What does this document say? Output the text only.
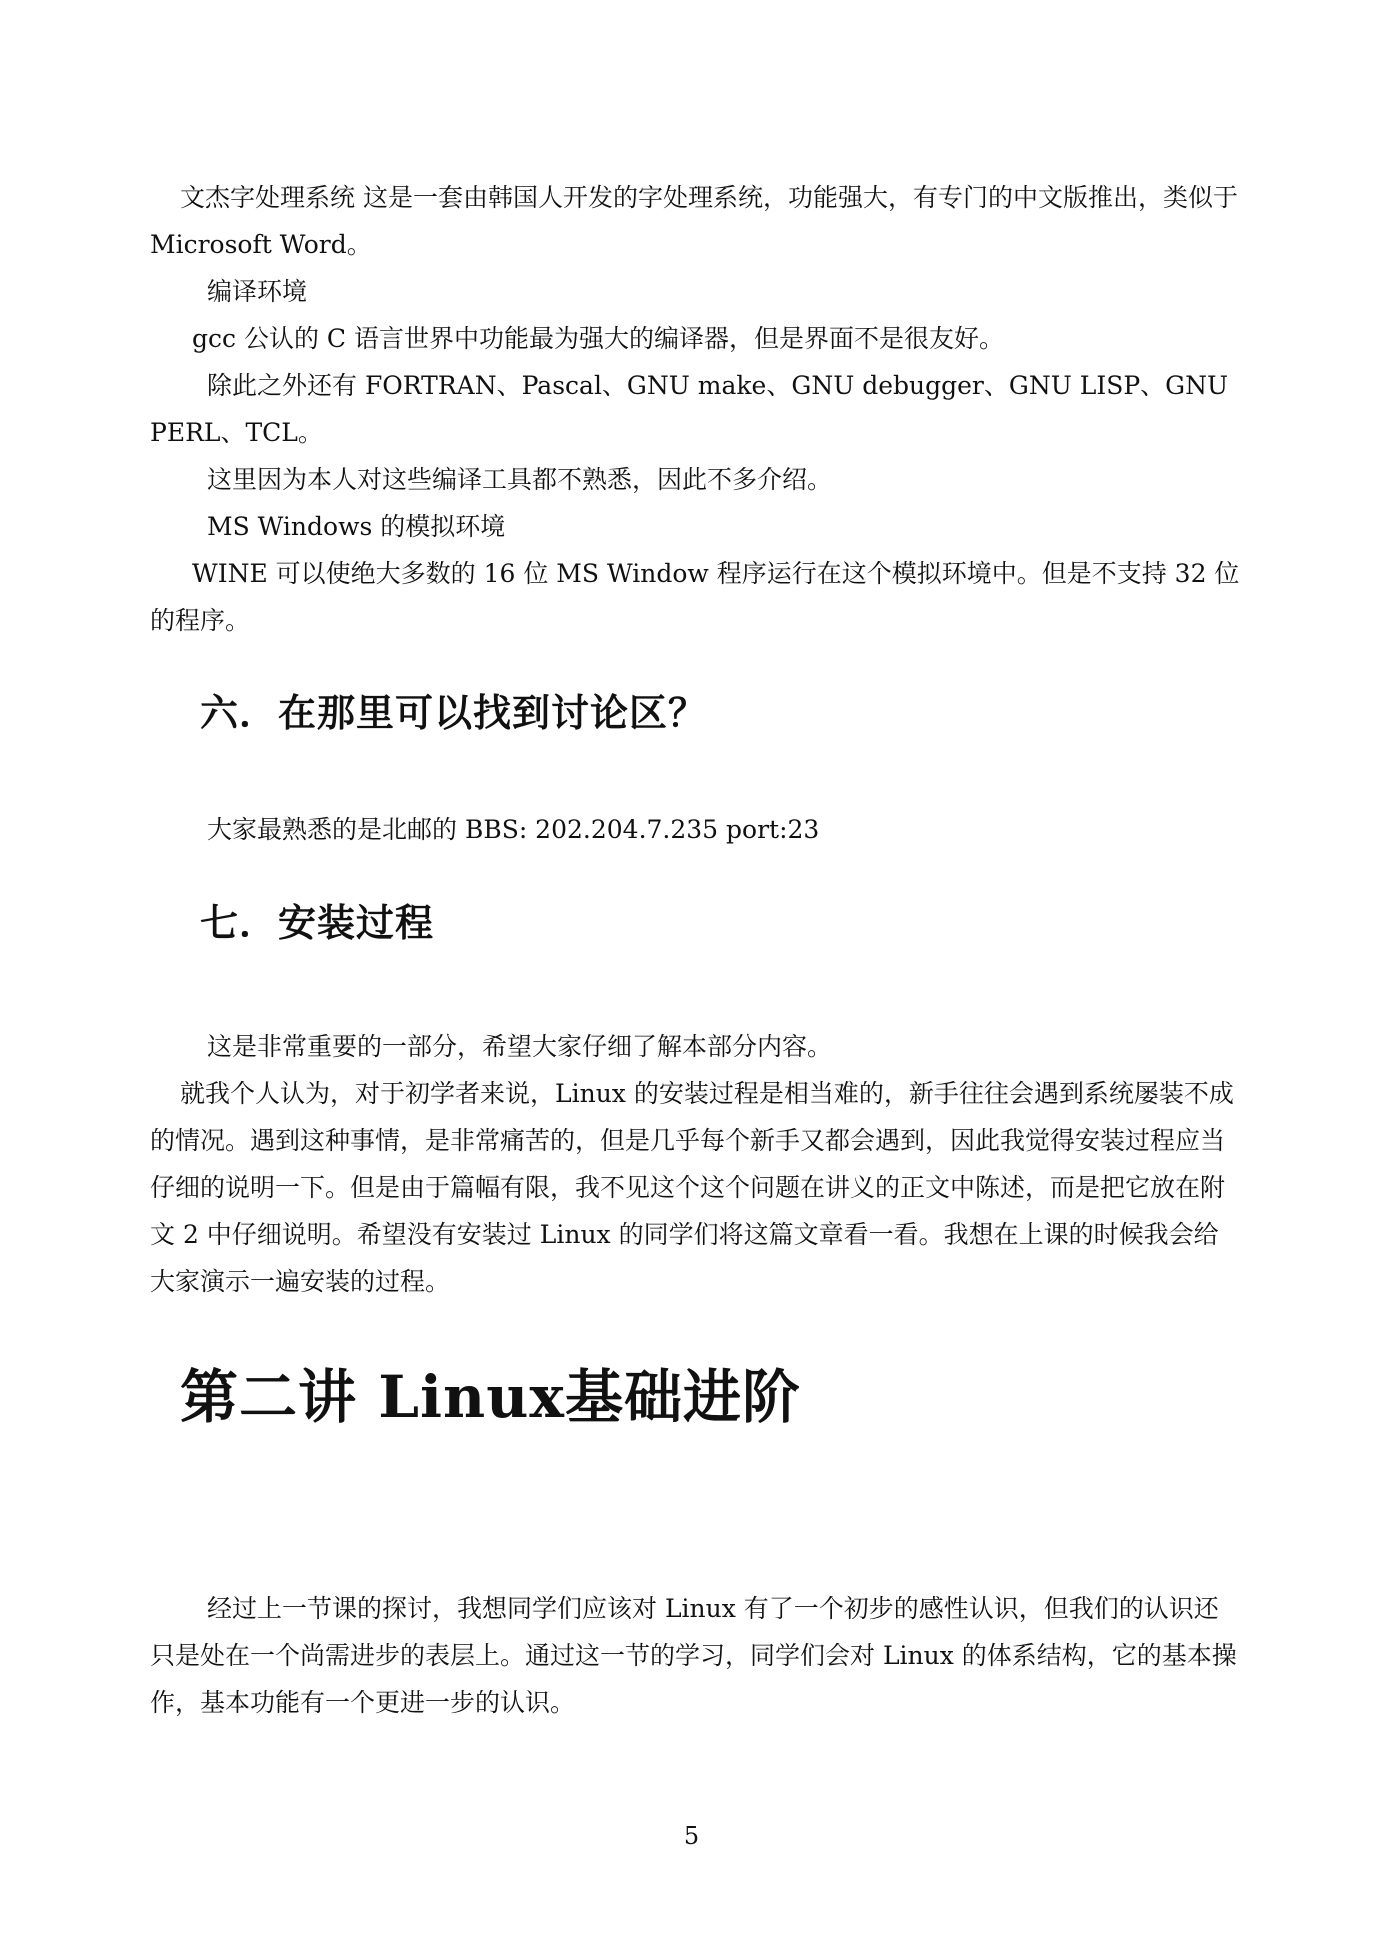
文杰字处理系统 这是一套由韩国人开发的字处理系统，功能强大，有专门的中文版推出，类似于 Microsoft Word。

编译环境

gcc 公认的 C 语言世界中功能最为强大的编译器，但是界面不是很友好。

除此之外还有 FORTRAN、Pascal、GNU make、GNU debugger、GNU LISP、GNU PERL、TCL。

这里因为本人对这些编译工具都不熟悉，因此不多介绍。

MS Windows 的模拟环境

WINE 可以使绝大多数的 16 位 MS Window 程序运行在这个模拟环境中。但是不支持 32 位的程序。

六．在那里可以找到讨论区？

大家最熟悉的是北邮的 BBS: 202.204.7.235 port:23

七．安装过程

这是非常重要的一部分，希望大家仔细了解本部分内容。

就我个人认为，对于初学者来说，Linux 的安装过程是相当难的，新手往往会遇到系统屡装不成的情况。遇到这种事情，是非常痛苦的，但是几乎每个新手又都会遇到，因此我觉得安装过程应当仔细的说明一下。但是由于篇幅有限，我不见这个这个问题在讲义的正文中陈述，而是把它放在附文 2 中仔细说明。希望没有安装过 Linux 的同学们将这篇文章看一看。我想在上课的时候我会给大家演示一遍安装的过程。

第二讲 Linux基础进阶

经过上一节课的探讨，我想同学们应该对 Linux 有了一个初步的感性认识，但我们的认识还只是处在一个尚需进步的表层上。通过这一节的学习，同学们会对 Linux 的体系结构，它的基本操作，基本功能有一个更进一步的认识。

5
